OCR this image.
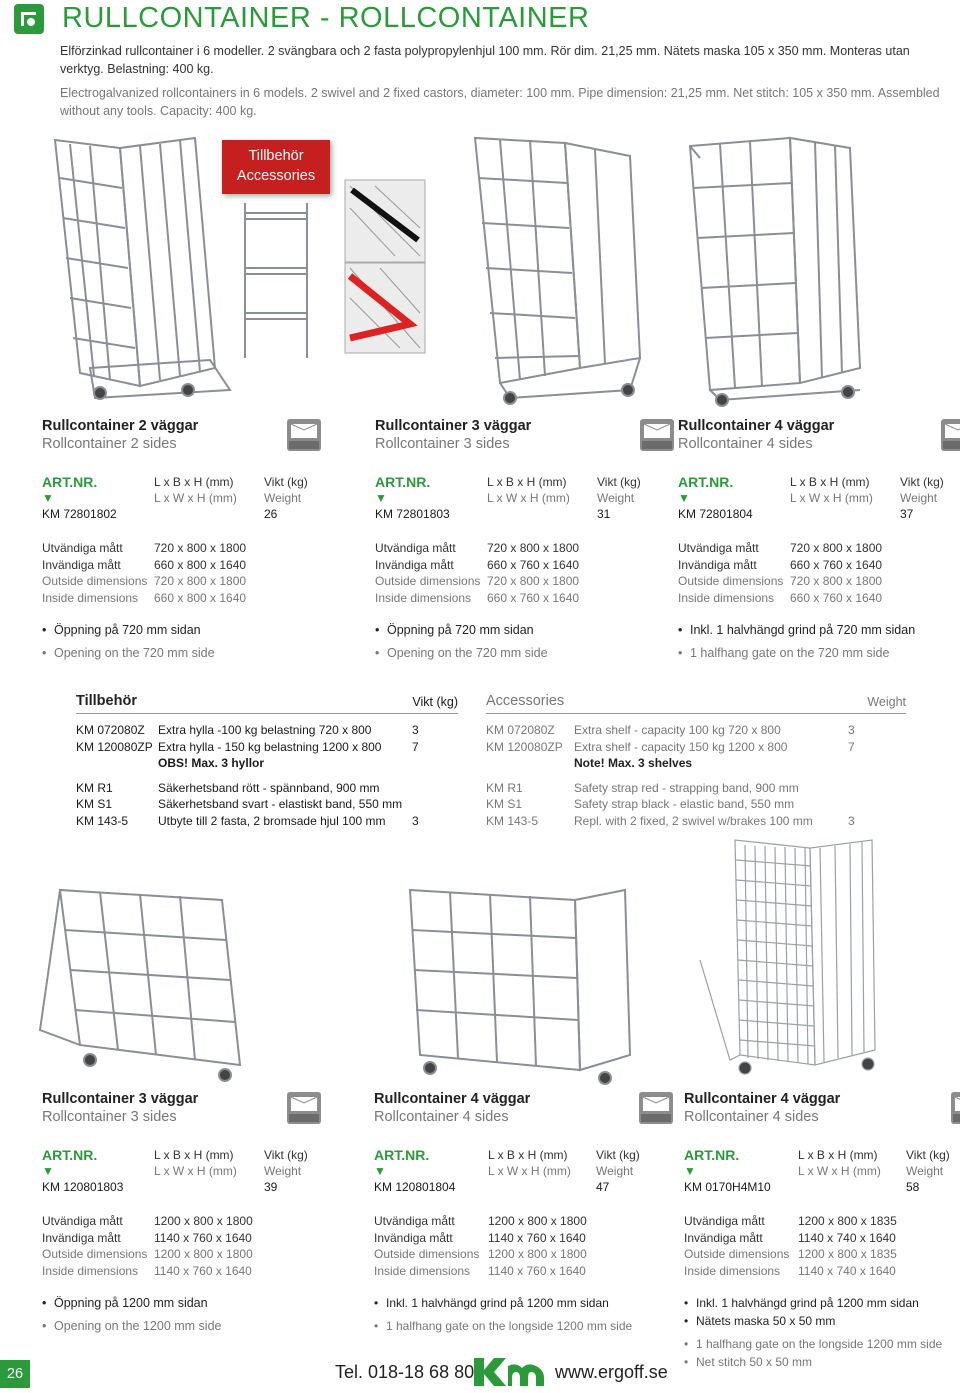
RULLCONTAINER - ROLLCONTAINER

Elförzinkad rullcontainer i 6 modeller. 2 svängbara och 2 fasta polypropylenhjul 100 mm. Rör dim. 21,25 mm. Nätets maska 105 x 350 mm. Monteras utan verktyg. Belastning: 400 kg.

Electrogalvanized rollcontainers in 6 models. 2 swivel and 2 fixed castors, diameter: 100 mm. Pipe dimension: 21,25 mm. Net stitch: 105 x 350 mm. Assembled without any tools. Capacity: 400 kg.

Tillbehör
Accessories
Rullcontainer 2 väggar
Rollcontainer 2 sides
ART.NR.	L x B x H (mm)	Vikt (kg)
▼	L x W x H (mm)	Weight
KM 72801802	26
Utvändiga mått	720 x 800 x 1800
Invändiga mått	660 x 800 x 1640
Outside dimensions 720 x 800 x 1800
Inside dimensions	660 x 800 x 1640
• Öppning på 720 mm sidan
• Opening on the 720 mm side
Rullcontainer 3 väggar
Rollcontainer 3 sides
ART.NR.	L x B x H (mm)	Vikt (kg)
▼	L x W x H (mm)	Weight
KM 72801803	31
Utvändiga mått	720 x 800 x 1800
Invändiga mått	660 x 760 x 1640
Outside dimensions 720 x 800 x 1800
Inside dimensions	660 x 760 x 1640
• Öppning på 720 mm sidan
• Opening on the 720 mm side
Rullcontainer 4 väggar
Rollcontainer 4 sides
ART.NR.	L x B x H (mm)	Vikt (kg)
▼	L x W x H (mm)	Weight
KM 72801804	37
Utvändiga mått	720 x 800 x 1800
Invändiga mått	660 x 760 x 1640
Outside dimensions 720 x 800 x 1800
Inside dimensions	660 x 760 x 1640
• Inkl. 1 halvhängd grind på 720 mm sidan
• 1 halfhang gate on the 720 mm side
Tillbehör	Vikt (kg)
KM 072080Z	Extra hylla -100 kg belastning 720 x 800	3
KM 120080ZP Extra hylla - 150 kg belastning 1200 x 800	7
OBS! Max. 3 hyllor
KM R1	Säkerhetsband rött - spännband, 900 mm
KM S1	Säkerhetsband svart - elastiskt band, 550 mm
KM 143-5	Utbyte till 2 fasta, 2 bromsade hjul 100 mm	3
Accessories	Weight
KM 072080Z	Extra shelf - capacity 100 kg 720 x 800	3
KM 120080ZP Extra shelf - capacity 150 kg 1200 x 800	7
Note! Max. 3 shelves
KM R1	Safety strap red - strapping band, 900 mm
KM S1	Safety strap black - elastic band, 550 mm
KM 143-5	Repl. with 2 fixed, 2 swivel w/brakes 100 mm	3
Rullcontainer 3 väggar
Rollcontainer 3 sides
ART.NR.	L x B x H (mm)	Vikt (kg)
▼	L x W x H (mm)	Weight
KM 120801803	39
Utvändiga mått	1200 x 800 x 1800
Invändiga mått	1140 x 760 x 1640
Outside dimensions 1200 x 800 x 1800
Inside dimensions	1140 x 760 x 1640
• Öppning på 1200 mm sidan
• Opening on the 1200 mm side
Rullcontainer 4 väggar
Rollcontainer 4 sides
ART.NR.	L x B x H (mm)	Vikt (kg)
▼	L x W x H (mm)	Weight
KM 120801804	47
Utvändiga mått	1200 x 800 x 1800
Invändiga mått	1140 x 760 x 1640
Outside dimensions 1200 x 800 x 1800
Inside dimensions	1140 x 760 x 1640
• Inkl. 1 halvhängd grind på 1200 mm sidan
• 1 halfhang gate on the longside 1200 mm side
Rullcontainer 4 väggar
Rollcontainer 4 sides
ART.NR.	L x B x H (mm)	Vikt (kg)
▼	L x W x H (mm)	Weight
KM 0170H4M10	58
Utvändiga mått	1200 x 800 x 1835
Invändiga mått	1140 x 740 x 1640
Outside dimensions 1200 x 800 x 1835
Inside dimensions	1140 x 740 x 1640
• Inkl. 1 halvhängd grind på 1200 mm sidan
• Nätets maska 50 x 50 mm
• 1 halfhang gate on the longside 1200 mm side
• Net stitch 50 x 50 mm
26	Tel. 018-18 68 80	www.ergoff.se
